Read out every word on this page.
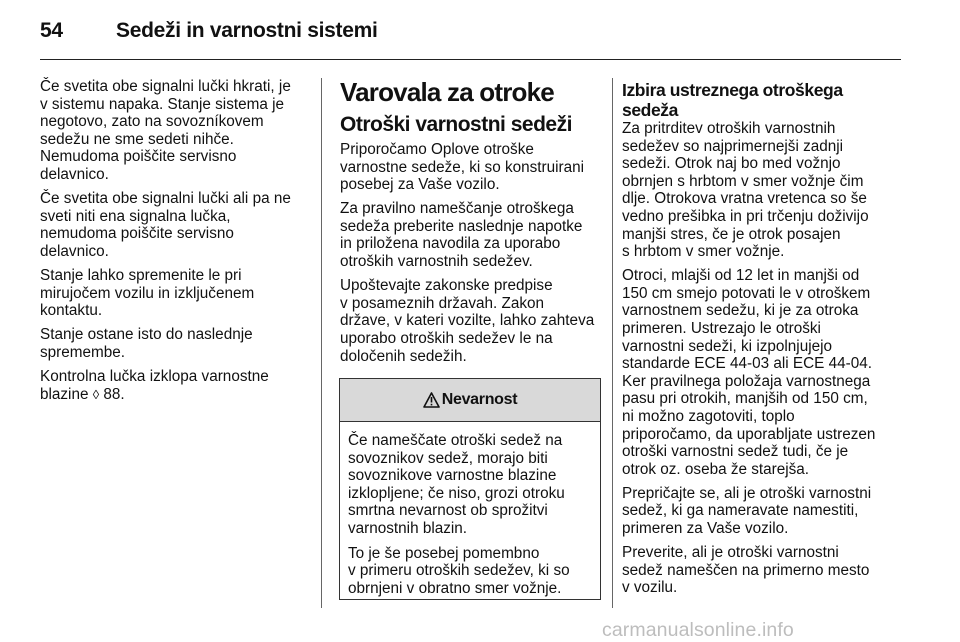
54	Sedeži in varnostni sistemi

Če svetita obe signalni lučki hkrati, je
v sistemu napaka. Stanje sistema je
negotovo, zato na sovozníkovem
sedežu ne sme sedeti nihče.
Nemudoma poiščite servisno
delavnico.

Če svetita obe signalni lučki ali pa ne
sveti niti ena signalna lučka,
nemudoma poiščite servisno
delavnico.

Stanje lahko spremenite le pri
mirujočem vozilu in izključenem
kontaktu.

Stanje ostane isto do naslednje
spremembe.

Kontrolna lučka izklopa varnostne
blazine ◊ 88.

Varovala za otroke
Otroški varnostni sedeži

Priporočamo Oplove otroške
varnostne sedeže, ki so konstruirani
posebej za Vaše vozilo.

Za pravilno nameščanje otroškega
sedeža preberite naslednje napotke
in priložena navodila za uporabo
otroških varnostnih sedežev.

Upoštevajte zakonske predpise
v posameznih državah. Zakon
države, v kateri vozilte, lahko zahteva
uporabo otroških sedežev le na
določenih sedežih.

Nevarnost

Če nameščate otroški sedež na
sovoznikov sedež, morajo biti
sovoznikove varnostne blazine
izklopljene; če niso, grozi otroku
smrtna nevarnost ob sprožitvi
varnostnih blazin.

To je še posebej pomembno
v primeru otroških sedežev, ki so
obrnjeni v obratno smer vožnje.

Izbira ustreznega otroškega
sedeža

Za pritrditev otroških varnostnih
sedežev so najprimernejši zadnji
sedeži. Otrok naj bo med vožnjo
obrnjen s hrbtom v smer vožnje čim
dlje. Otrokova vratna vretenca so še
vedno prešibka in pri trčenju doživijo
manjši stres, če je otrok posajen
s hrbtom v smer vožnje.

Otroci, mlajši od 12 let in manjši od
150 cm smejo potovati le v otroškem
varnostnem sedežu, ki je za otroka
primeren. Ustrezajo le otroški
varnostni sedeži, ki izpolnjujejo
standarde ECE 44-03 ali ECE 44-04.
Ker pravilnega položaja varnostnega
pasu pri otrokih, manjših od 150 cm,
ni možno zagotoviti, toplo
priporočamo, da uporabljate ustrezen
otroški varnostni sedež tudi, če je
otrok oz. oseba že starejša.

Prepričajte se, ali je otroški varnostni
sedež, ki ga nameravate namestiti,
primeren za Vaše vozilo.

Preverite, ali je otroški varnostni
sedež nameščen na primerno mesto
v vozilu.

carmanualsonline.info
